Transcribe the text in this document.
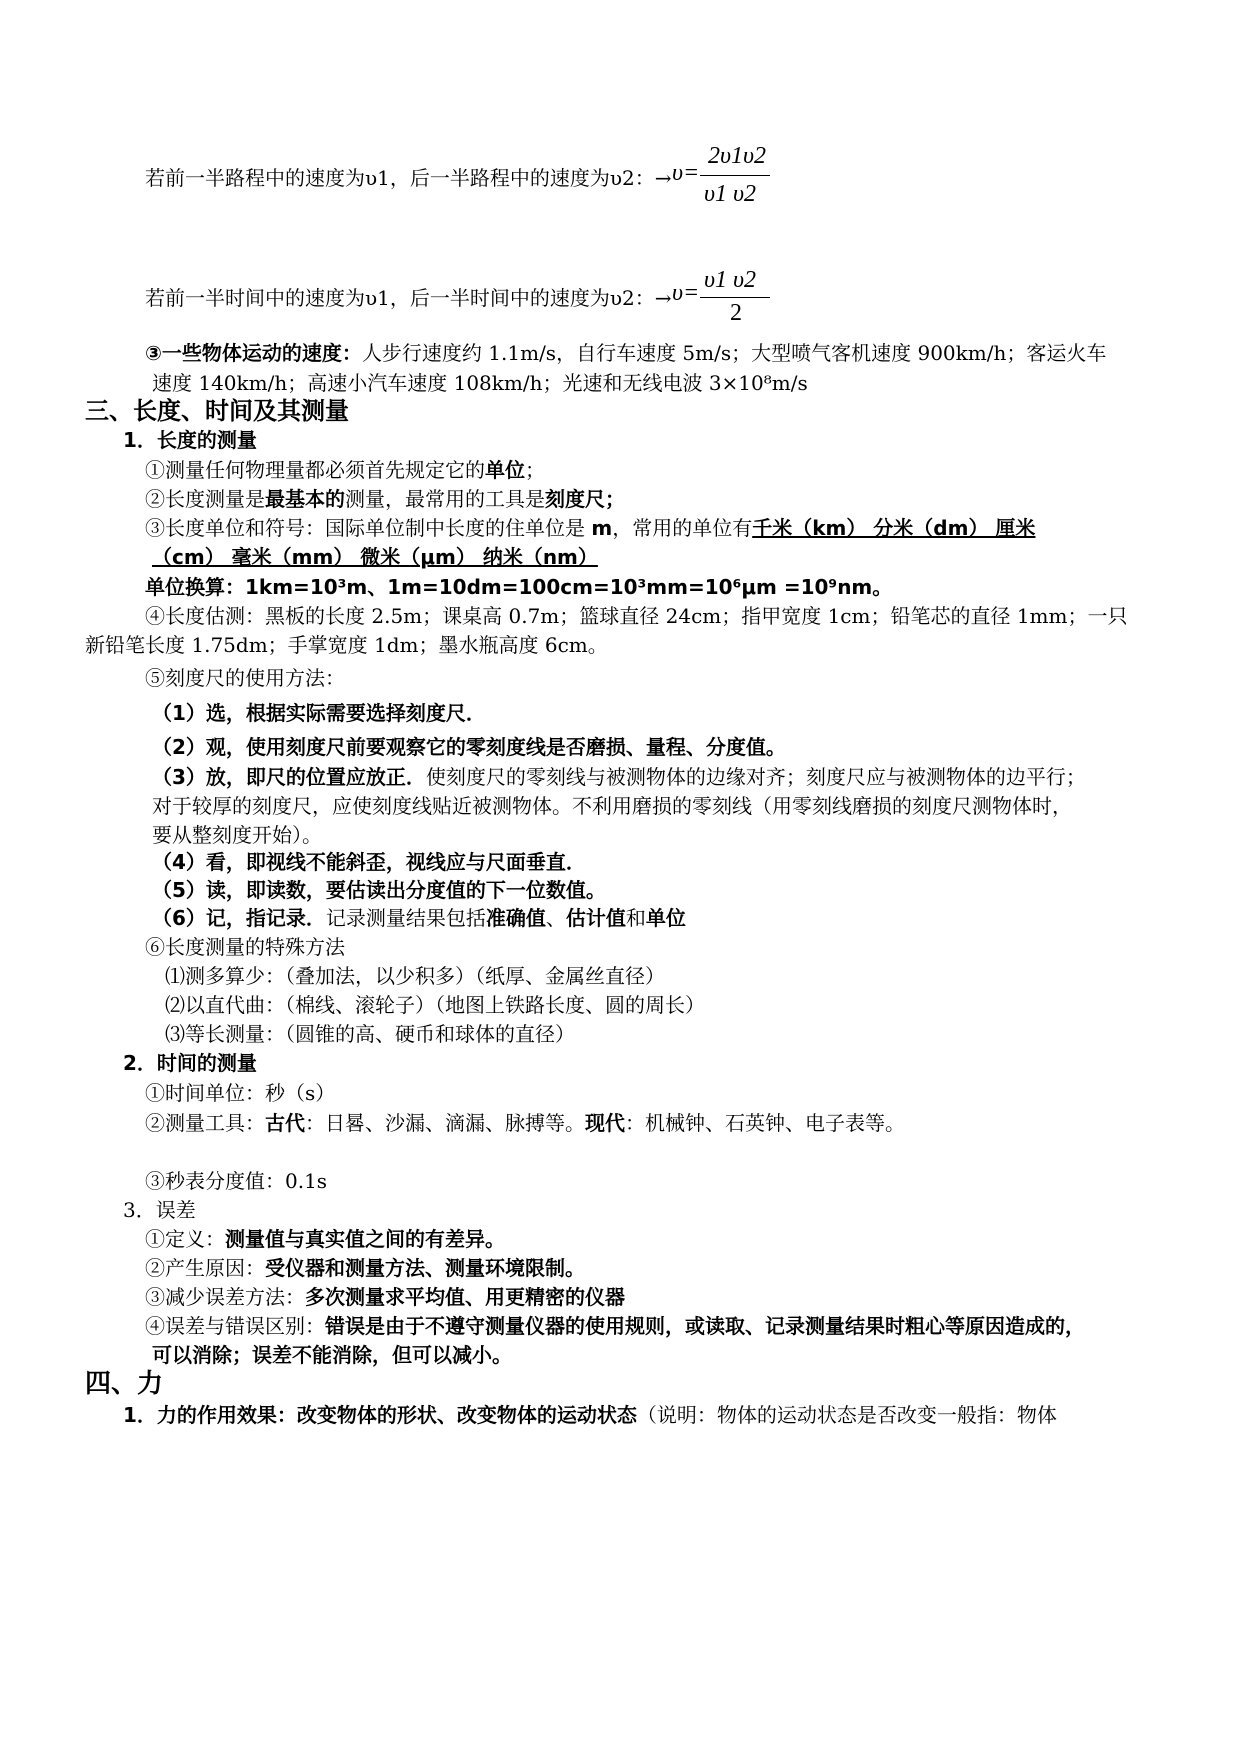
若前一半路程中的速度为υ1，后一半路程中的速度为υ2：→ υ=
2υ1υ2
υ1 υ2
若前一半时间中的速度为υ1，后一半时间中的速度为υ2：→ υ= υ1 υ2
2
③一些物体运动的速度：人步行速度约 1.1m/s，自行车速度 5m/s；大型喷气客机速度 900km/h；客运火车
速度 140km/h；高速小汽车速度 108km/h；光速和无线电波 3×10⁸m/s
三、长度、时间及其测量
1．长度的测量
①测量任何物理量都必须首先规定它的单位；
②长度测量是最基本的测量，最常用的工具是刻度尺；
③长度单位和符号：国际单位制中长度的住单位是 m，常用的单位有千米（km） 分米（dm） 厘米
（cm） 毫米（mm） 微米（μm） 纳米（nm）
单位换算：1km=10³m、1m=10dm=100cm=10³mm=10⁶μm =10⁹nm。
④长度估测：黑板的长度 2.5m；课桌高 0.7m；篮球直径 24cm；指甲宽度 1cm；铅笔芯的直径 1mm；一只
新铅笔长度 1.75dm；手掌宽度 1dm；墨水瓶高度 6cm。
⑤刻度尺的使用方法：
（1）选，根据实际需要选择刻度尺．
（2）观，使用刻度尺前要观察它的零刻度线是否磨损、量程、分度值。
（3）放，即尺的位置应放正．使刻度尺的零刻线与被测物体的边缘对齐；刻度尺应与被测物体的边平行；
对于较厚的刻度尺，应使刻度线贴近被测物体。不利用磨损的零刻线（用零刻线磨损的刻度尺测物体时，
要从整刻度开始）。
（4）看，即视线不能斜歪，视线应与尺面垂直．
（5）读，即读数，要估读出分度值的下一位数值。
（6）记，指记录．记录测量结果包括准确值、估计值和单位
⑥长度测量的特殊方法
⑴测多算少：（叠加法，以少积多）（纸厚、金属丝直径）
⑵以直代曲：（棉线、滚轮子）（地图上铁路长度、圆的周长）
⑶等长测量：（圆锥的高、硬币和球体的直径）
2．时间的测量
①时间单位：秒（s）
②测量工具：古代：日晷、沙漏、滴漏、脉搏等。现代：机械钟、石英钟、电子表等。
③秒表分度值：0.1s
3．误差
①定义：测量值与真实值之间的有差异。
②产生原因：受仪器和测量方法、测量环境限制。
③减少误差方法：多次测量求平均值、用更精密的仪器
④误差与错误区别：错误是由于不遵守测量仪器的使用规则，或读取、记录测量结果时粗心等原因造成的，
可以消除；误差不能消除，但可以减小。
四、力
1．力的作用效果：改变物体的形状、改变物体的运动状态（说明：物体的运动状态是否改变一般指：物体
